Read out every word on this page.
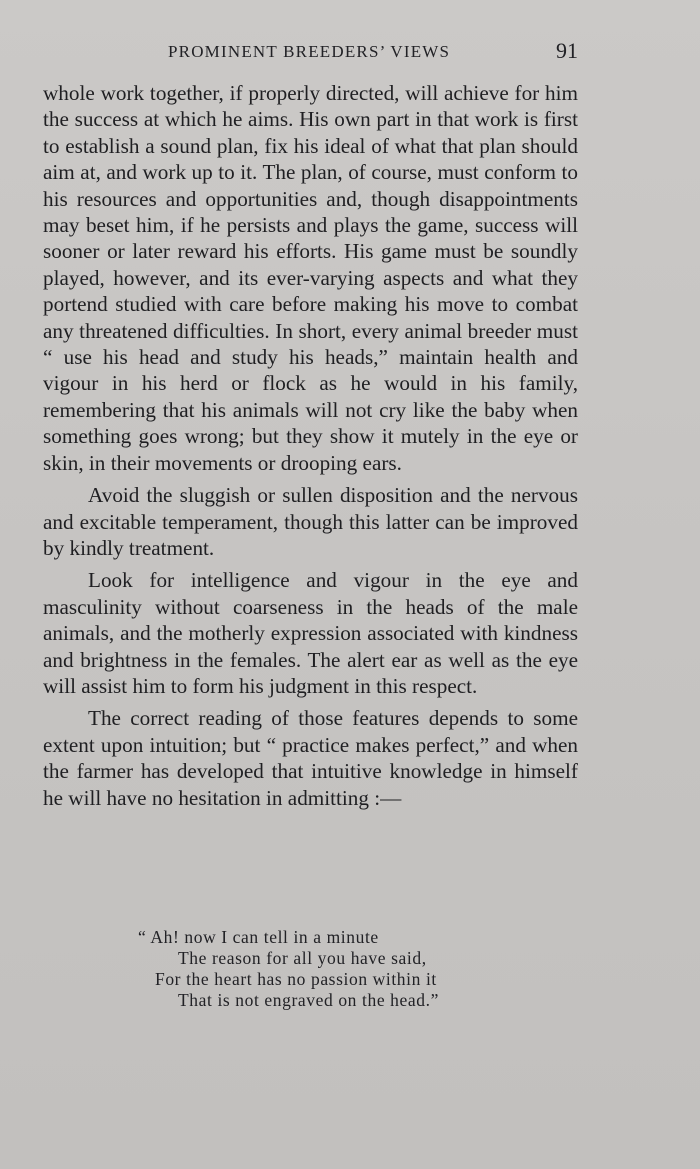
PROMINENT BREEDERS’ VIEWS	91

whole work together, if properly directed, will achieve for him the success at which he aims. His own part in that work is first to establish a sound plan, fix his ideal of what that plan should aim at, and work up to it. The plan, of course, must conform to his resources and opportunities and, though disappointments may beset him, if he persists and plays the game, success will sooner or later reward his efforts. His game must be soundly played, however, and its ever-varying aspects and what they portend studied with care before making his move to combat any threatened difficulties. In short, every animal breeder must “ use his head and study his heads,” maintain health and vigour in his herd or flock as he would in his family, remembering that his animals will not cry like the baby when something goes wrong; but they show it mutely in the eye or skin, in their movements or drooping ears.

Avoid the sluggish or sullen disposition and the nervous and excitable temperament, though this latter can be improved by kindly treatment.

Look for intelligence and vigour in the eye and masculinity without coarseness in the heads of the male animals, and the motherly expression associated with kindness and brightness in the females. The alert ear as well as the eye will assist him to form his judgment in this respect.

The correct reading of those features depends to some extent upon intuition; but “ practice makes perfect,” and when the farmer has developed that intuitive knowledge in himself he will have no hesitation in admitting :—

“ Ah! now I can tell in a minute
The reason for all you have said,
For the heart has no passion within it
That is not engraved on the head.”
